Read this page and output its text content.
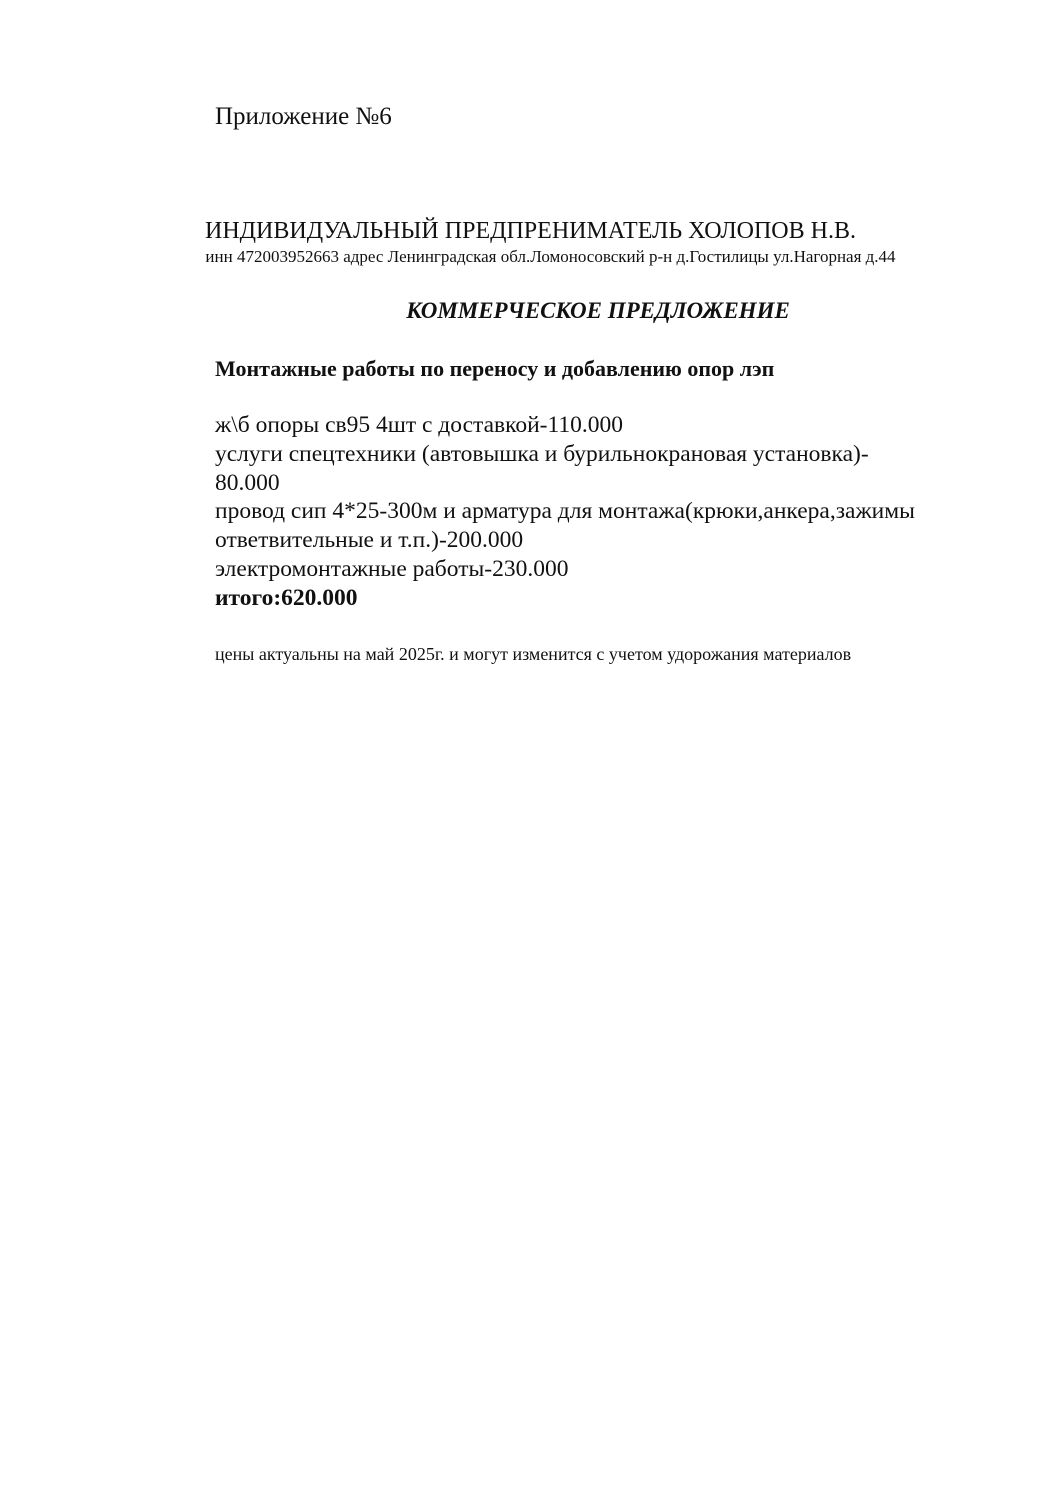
Приложение №6
ИНДИВИДУАЛЬНЫЙ ПРЕДПРЕНИМАТЕЛЬ ХОЛОПОВ Н.В.
инн 472003952663 адрес Ленинградская обл.Ломоносовский р-н д.Гостилицы ул.Нагорная д.44
КОММЕРЧЕСКОЕ ПРЕДЛОЖЕНИЕ
Монтажные работы по переносу и добавлению опор лэп
ж\б опоры св95 4шт с доставкой-110.000
услуги спецтехники (автовышка и бурильнокрановая установка)-
80.000
провод сип 4*25-300м и арматура для монтажа(крюки,анкера,зажимы
ответвительные и т.п.)-200.000
электромонтажные работы-230.000
итого:620.000
цены актуальны на май 2025г. и могут изменится с учетом удорожания материалов
